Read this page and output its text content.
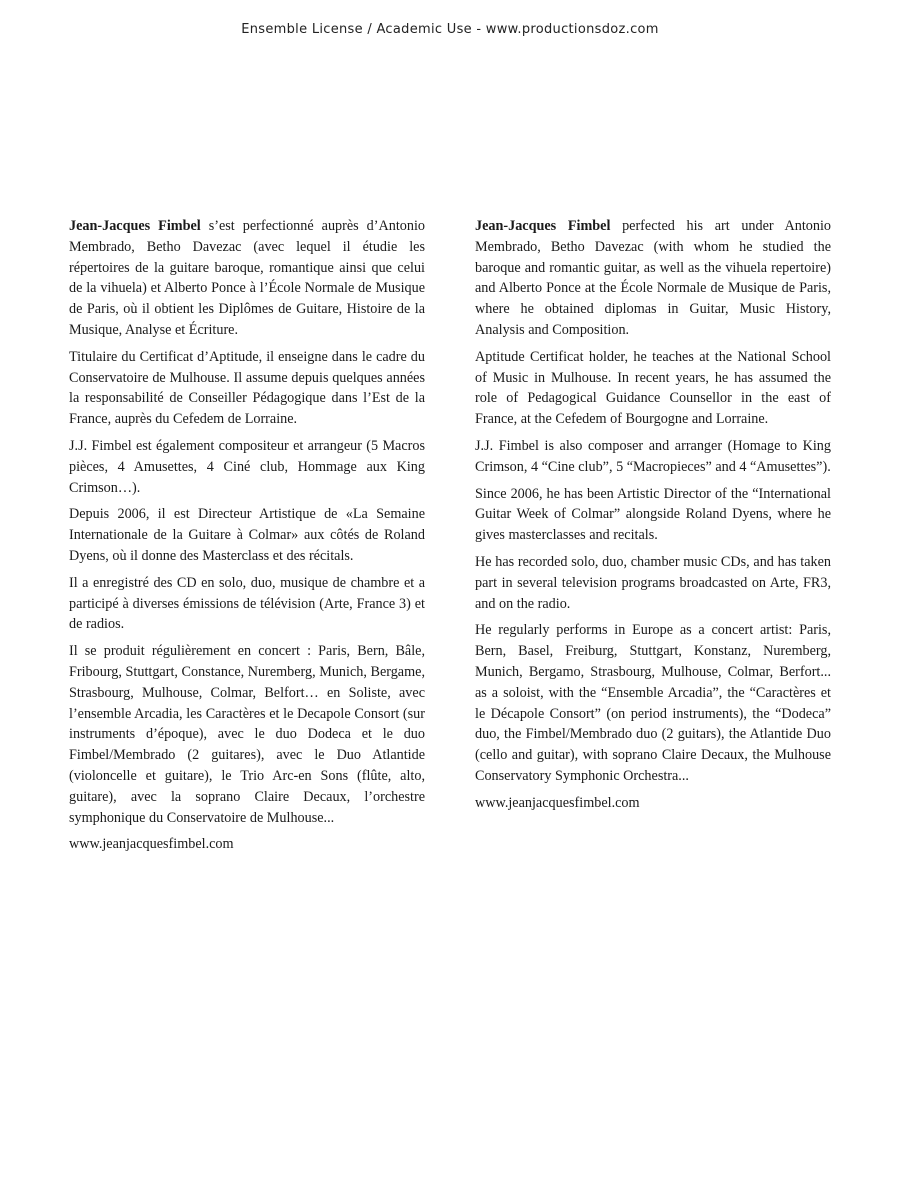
Ensemble License / Academic Use - www.productionsdoz.com

Jean-Jacques Fimbel s’est perfectionné auprès d’Antonio Membrado, Betho Davezac (avec lequel il étudie les répertoires de la guitare baroque, romantique ainsi que celui de la vihuela) et Alberto Ponce à l’École Normale de Musique de Paris, où il obtient les Diplômes de Guitare, Histoire de la Musique, Analyse et Écriture.

Titulaire du Certificat d’Aptitude, il enseigne dans le cadre du Conservatoire de Mulhouse. Il assume depuis quelques années la responsabilité de Conseiller Pédagogique dans l’Est de la France, auprès du Cefedem de Lorraine.

J.J. Fimbel est également compositeur et arrangeur (5 Macros pièces, 4 Amusettes, 4 Ciné club, Hommage aux King Crimson…).

Depuis 2006, il est Directeur Artistique de «La Semaine Internationale de la Guitare à Colmar» aux côtés de Roland Dyens, où il donne des Masterclass et des récitals.

Il a enregistré des CD en solo, duo, musique de chambre et a participé à diverses émissions de télévision (Arte, France 3) et de radios.

Il se produit régulièrement en concert : Paris, Bern, Bâle, Fribourg, Stuttgart, Constance, Nuremberg, Munich, Bergame, Strasbourg, Mulhouse, Colmar, Belfort… en Soliste, avec l’ensemble Arcadia, les Caractères et le Decapole Consort (sur instruments d’époque), avec le duo Dodeca et le duo Fimbel/Membrado (2 guitares), avec le Duo Atlantide (violoncelle et guitare), le Trio Arc-en Sons (flûte, alto, guitare), avec la soprano Claire Decaux, l’orchestre symphonique du Conservatoire de Mulhouse...

www.jeanjacquesfimbel.com

Jean-Jacques Fimbel perfected his art under Antonio Membrado, Betho Davezac (with whom he studied the baroque and romantic guitar, as well as the vihuela repertoire) and Alberto Ponce at the École Normale de Musique de Paris, where he obtained diplomas in Guitar, Music History, Analysis and Composition.

Aptitude Certificat holder, he teaches at the National School of Music in Mulhouse. In recent years, he has assumed the role of Pedagogical Guidance Counsellor in the east of France, at the Cefedem of Bourgogne and Lorraine.

J.J. Fimbel is also composer and arranger (Homage to King Crimson, 4 “Cine club”, 5 “Macropieces” and 4 “Amusettes”).

Since 2006, he has been Artistic Director of the “International Guitar Week of Colmar” alongside Roland Dyens, where he gives masterclasses and recitals.

He has recorded solo, duo, chamber music CDs, and has taken part in several television programs broadcasted on Arte, FR3, and on the radio.

He regularly performs in Europe as a concert artist: Paris, Bern, Basel, Freiburg, Stuttgart, Konstanz, Nuremberg, Munich, Bergamo, Strasbourg, Mulhouse, Colmar, Berfort... as a soloist, with the “Ensemble Arcadia”, the “Caractères et le Décapole Consort” (on period instruments), the “Dodeca” duo, the Fimbel/Membrado duo (2 guitars), the Atlantide Duo (cello and guitar), with soprano Claire Decaux, the Mulhouse Conservatory Symphonic Orchestra...

www.jeanjacquesfimbel.com
